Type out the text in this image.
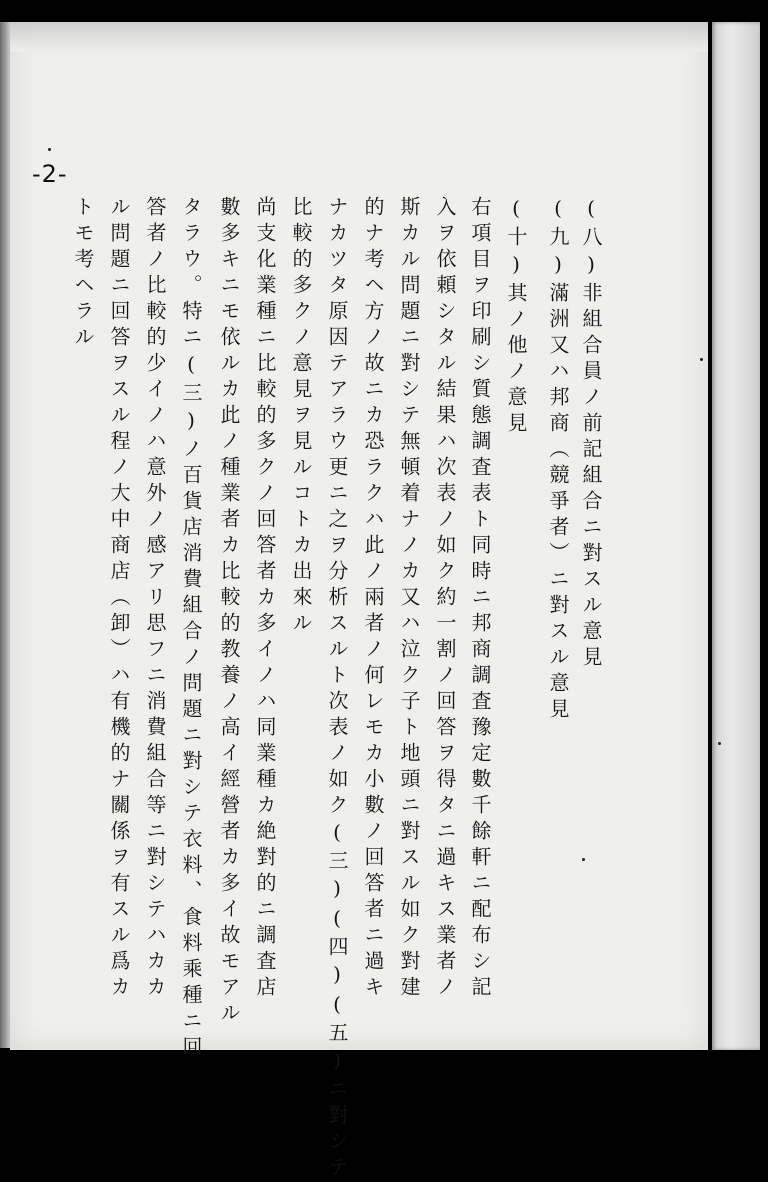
-2-
(八)非組合員ノ前記組合ニ對スル意見
(九)滿洲又ハ邦商（競爭者）ニ對スル意見
(十)其ノ他ノ意見
右項目ヲ印刷シ質態調査表ト同時ニ邦商調査豫定數千餘軒ニ配布シ記
入ヲ依頼シタル結果ハ次表ノ如ク約一割ノ回答ヲ得タニ過キス業者ノ
斯カル問題ニ對シテ無頓着ナノカ又ハ泣ク子ト地頭ニ對スル如ク對建
的ナ考ヘ方ノ故ニカ恐ラクハ此ノ兩者ノ何レモカ小數ノ回答者ニ過キ
ナカツタ原因テアラウ更ニ之ヲ分析スルト次表ノ如ク(三)(四)(五)ニ對シテ
比較的多クノ意見ヲ見ルコトカ出來ル
尚支化業種ニ比較的多クノ回答者カ多イノハ同業種カ絶對的ニ調査店
數多キニモ依ルカ此ノ種業者カ比較的教養ノ高イ經營者カ多イ故モアル
タラウ。特ニ(三)ノ百貨店消費組合ノ問題ニ對シテ衣料、食料乘種ニ回
答者ノ比較的少イノハ意外ノ感アリ思フニ消費組合等ニ對シテハカカ
ル問題ニ回答ヲスル程ノ大中商店（卸）ハ有機的ナ關係ヲ有スル爲カ
トモ考ヘラル
